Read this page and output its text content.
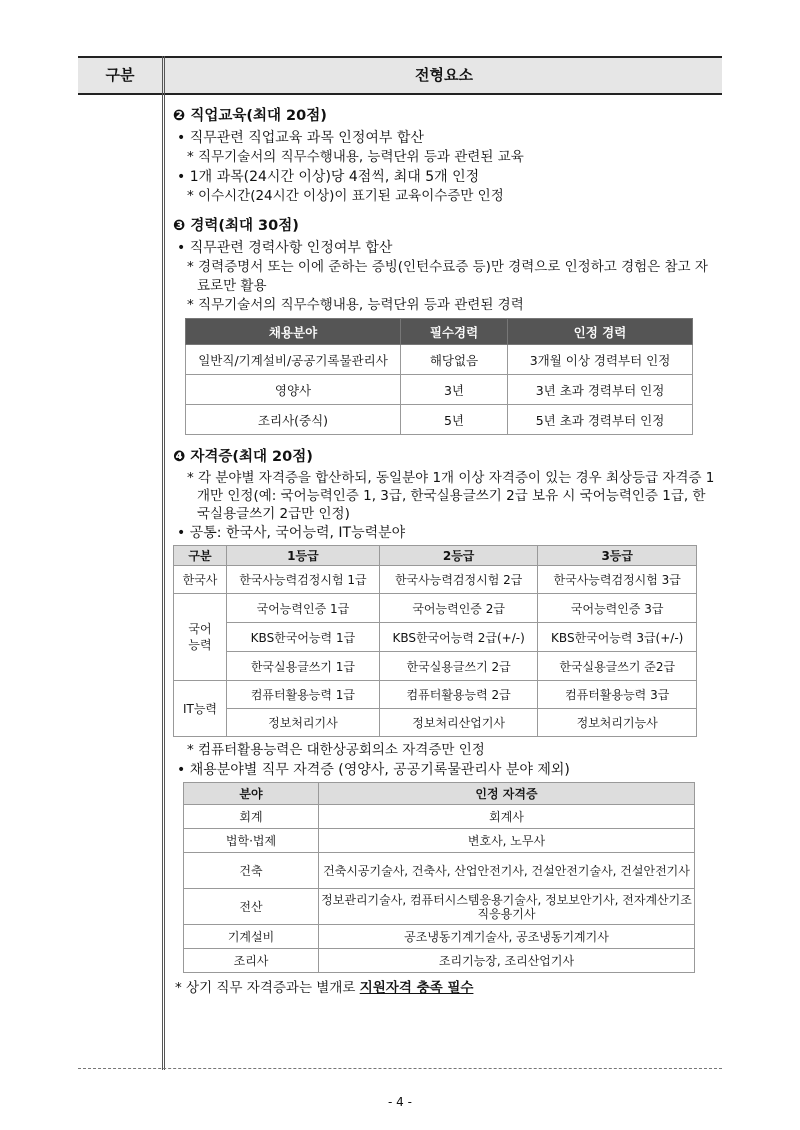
구분	전형요소
❷ 직업교육(최대 20점)
• 직무관련 직업교육 과목 인정여부 합산
* 직무기술서의 직무수행내용, 능력단위 등과 관련된 교육
• 1개 과목(24시간 이상)당 4점씩, 최대 5개 인정
* 이수시간(24시간 이상)이 표기된 교육이수증만 인정
❸ 경력(최대 30점)
• 직무관련 경력사항 인정여부 합산
* 경력증명서 또는 이에 준하는 증빙(인턴수료증 등)만 경력으로 인정하고 경험은 참고 자료로만 활용
* 직무기술서의 직무수행내용, 능력단위 등과 관련된 경력
채용분야	필수경력	인정 경력
일반직/기계설비/공공기록물관리사	해당없음	3개월 이상 경력부터 인정
영양사	3년	3년 초과 경력부터 인정
조리사(중식)	5년	5년 초과 경력부터 인정
❹ 자격증(최대 20점)
* 각 분야별 자격증을 합산하되, 동일분야 1개 이상 자격증이 있는 경우 최상등급 자격증 1개만 인정(예: 국어능력인증 1, 3급, 한국실용글쓰기 2급 보유 시 국어능력인증 1급, 한국실용글쓰기 2급만 인정)
• 공통: 한국사, 국어능력, IT능력분야
구분	1등급	2등급	3등급
한국사	한국사능력검정시험 1급	한국사능력검정시험 2급	한국사능력검정시험 3급
국어
능력	국어능력인증 1급	국어능력인증 2급	국어능력인증 3급
	KBS한국어능력 1급	KBS한국어능력 2급(+/-)	KBS한국어능력 3급(+/-)
	한국실용글쓰기 1급	한국실용글쓰기 2급	한국실용글쓰기 준2급
IT능력	컴퓨터활용능력 1급	컴퓨터활용능력 2급	컴퓨터활용능력 3급
	정보처리기사	정보처리산업기사	정보처리기능사
* 컴퓨터활용능력은 대한상공회의소 자격증만 인정
• 채용분야별 직무 자격증 (영양사, 공공기록물관리사 분야 제외)
분야	인정 자격증
회계	회계사
법학·법제	변호사, 노무사
건축	건축시공기술사, 건축사, 산업안전기사, 건설안전기술사, 건설안전기사
전산	정보관리기술사, 컴퓨터시스템응용기술사, 정보보안기사, 전자계산기조직응용기사
기계설비	공조냉동기계기술사, 공조냉동기계기사
조리사	조리기능장, 조리산업기사
* 상기 직무 자격증과는 별개로 지원자격 충족 필수
- 4 -
